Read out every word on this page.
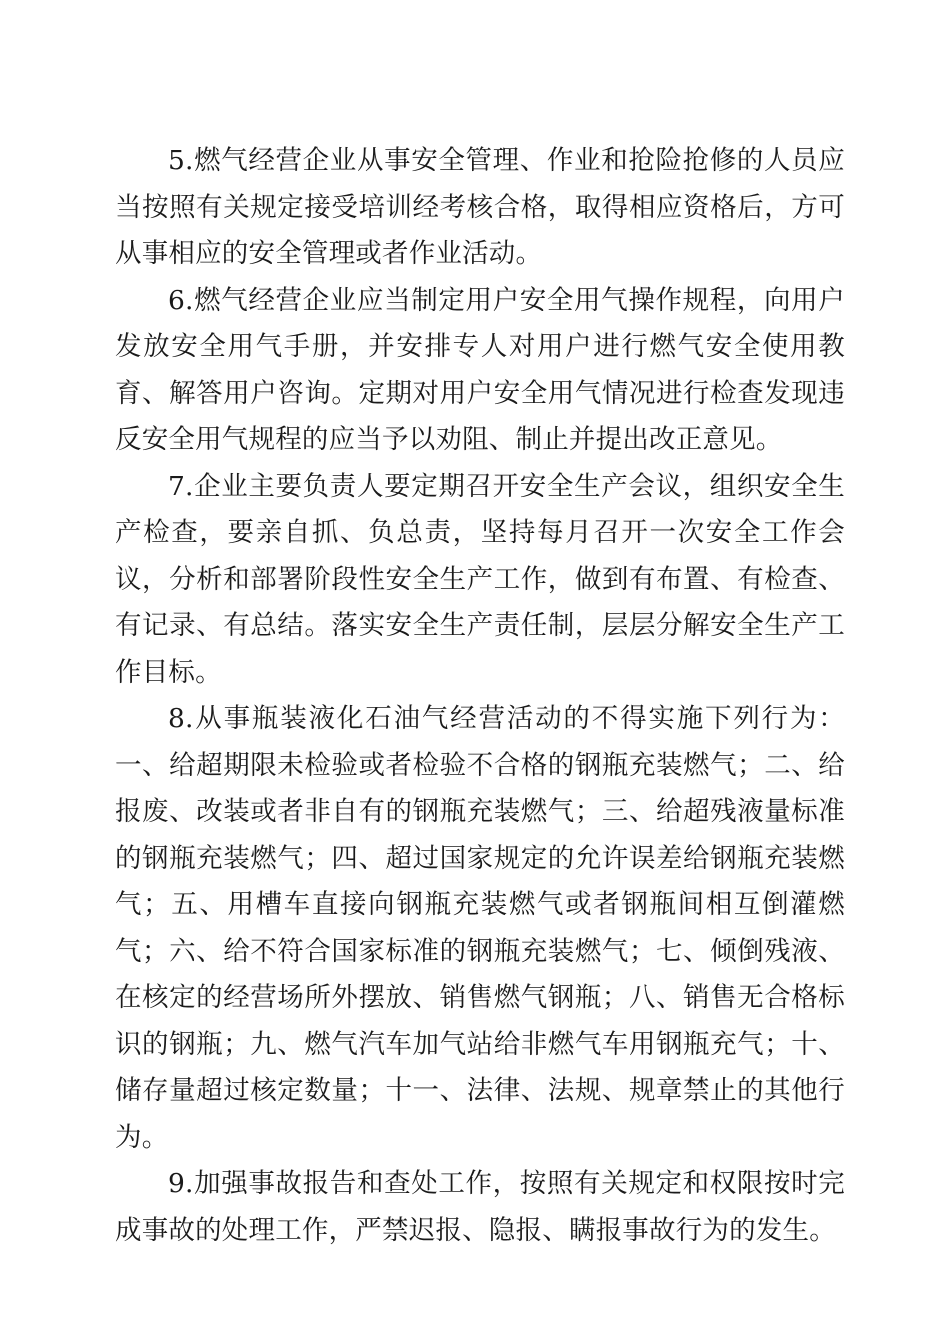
5.燃气经营企业从事安全管理、作业和抢险抢修的人员应当按照有关规定接受培训经考核合格，取得相应资格后，方可从事相应的安全管理或者作业活动。

6.燃气经营企业应当制定用户安全用气操作规程，向用户发放安全用气手册，并安排专人对用户进行燃气安全使用教育、解答用户咨询。定期对用户安全用气情况进行检查发现违反安全用气规程的应当予以劝阻、制止并提出改正意见。

7.企业主要负责人要定期召开安全生产会议，组织安全生产检查，要亲自抓、负总责，坚持每月召开一次安全工作会议，分析和部署阶段性安全生产工作，做到有布置、有检查、有记录、有总结。落实安全生产责任制，层层分解安全生产工作目标。

8.从事瓶装液化石油气经营活动的不得实施下列行为：一、给超期限未检验或者检验不合格的钢瓶充装燃气；二、给报废、改装或者非自有的钢瓶充装燃气；三、给超残液量标准的钢瓶充装燃气；四、超过国家规定的允许误差给钢瓶充装燃气；五、用槽车直接向钢瓶充装燃气或者钢瓶间相互倒灌燃气；六、给不符合国家标准的钢瓶充装燃气；七、倾倒残液、在核定的经营场所外摆放、销售燃气钢瓶；八、销售无合格标识的钢瓶；九、燃气汽车加气站给非燃气车用钢瓶充气；十、储存量超过核定数量；十一、法律、法规、规章禁止的其他行为。

9.加强事故报告和查处工作，按照有关规定和权限按时完成事故的处理工作，严禁迟报、隐报、瞒报事故行为的发生。
